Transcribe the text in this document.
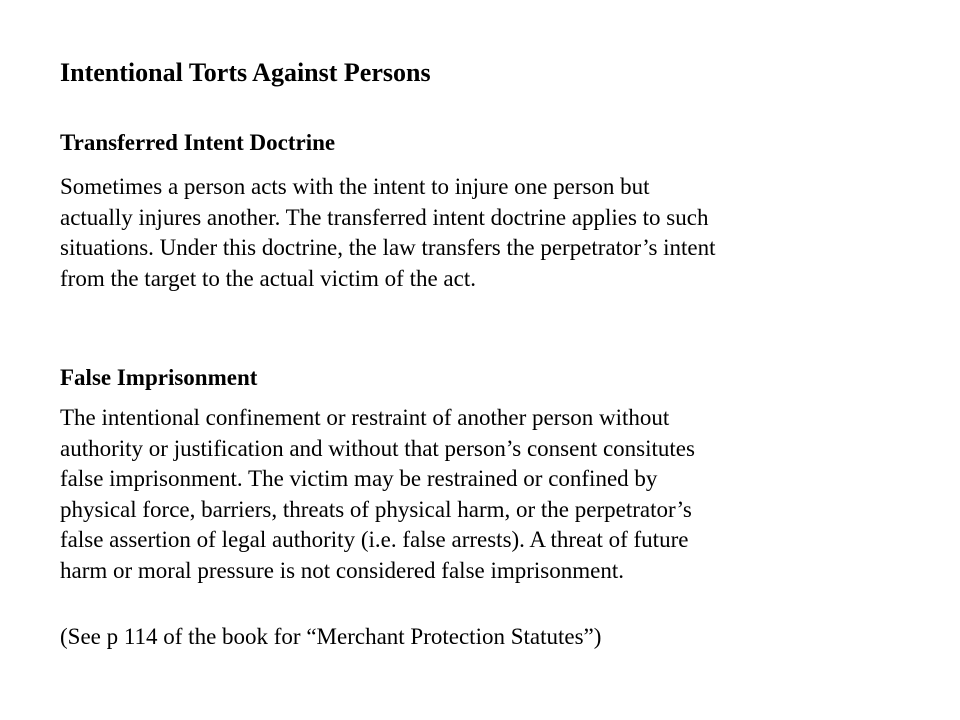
Intentional Torts Against Persons
Transferred Intent Doctrine
Sometimes a person acts with the intent to injure one person but
actually injures another. The transferred intent doctrine applies to such
situations. Under this doctrine, the law transfers the perpetrator’s intent
from the target to the actual victim of the act.
False Imprisonment
The intentional confinement or restraint of another person without
authority or justification and without that person’s consent consitutes
false imprisonment. The victim may be restrained or confined by
physical force, barriers, threats of physical harm, or the perpetrator’s
false assertion of legal authority (i.e. false arrests). A threat of future
harm or moral pressure is not considered false imprisonment.
(See p 114 of the book for “Merchant Protection Statutes”)
